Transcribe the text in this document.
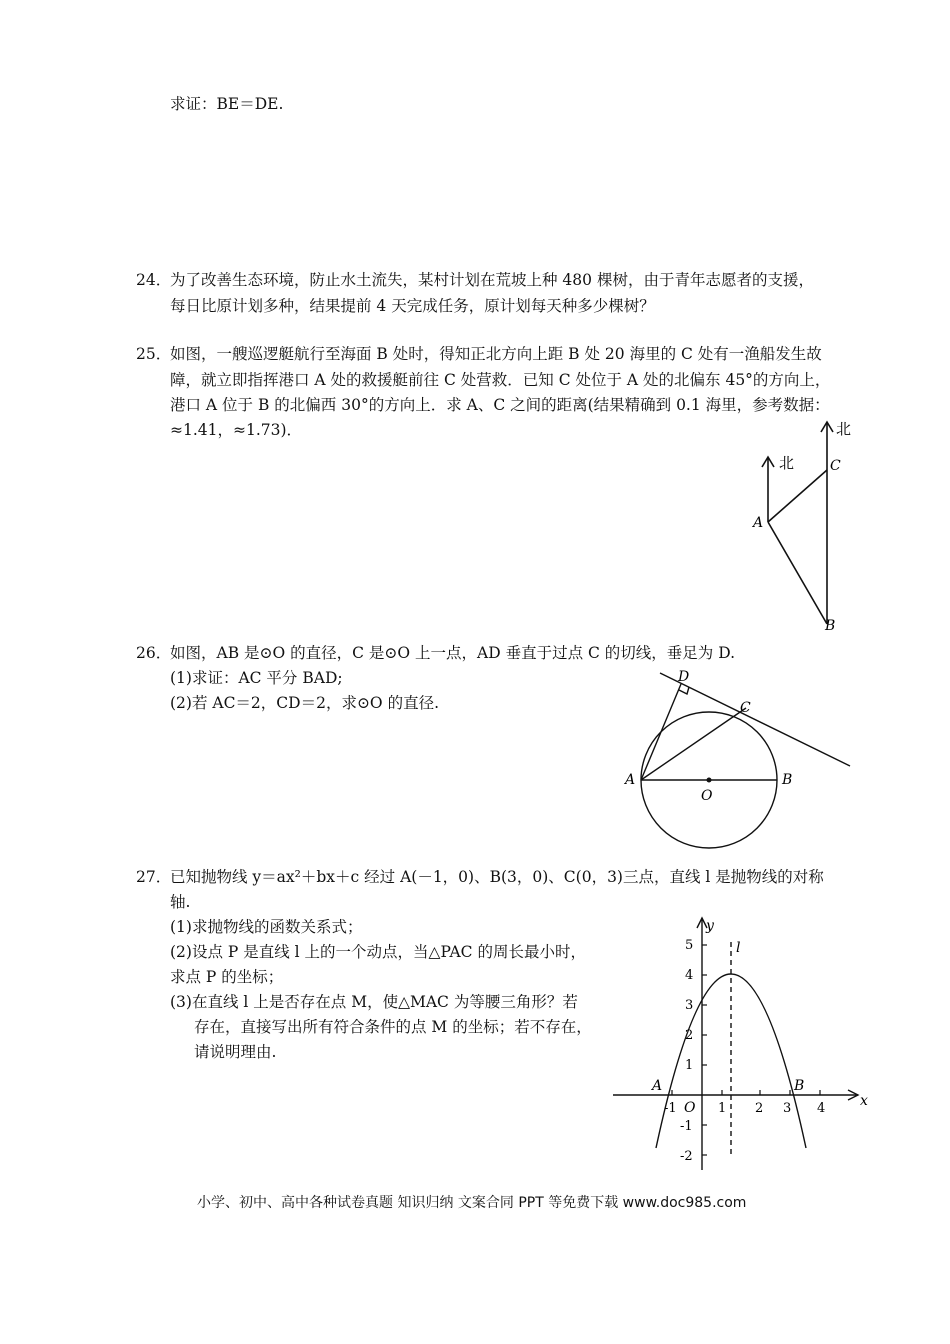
求证：BE＝DE.
24．
为了改善生态环境，防止水土流失，某村计划在荒坡上种 480 棵树，由于青年志愿者的支援，
每日比原计划多种，结果提前 4 天完成任务，原计划每天种多少棵树？
25．
如图，一艘巡逻艇航行至海面 B 处时，得知正北方向上距 B 处 20 海里的 C 处有一渔船发生故
障，就立即指挥港口 A 处的救援艇前往 C 处营救．已知 C 处位于 A 处的北偏东 45°的方向上，
港口 A 位于 B 的北偏西 30°的方向上．求 A、C 之间的距离(结果精确到 0.1 海里，参考数据：
≈1.41，≈1.73)．
北
北
A
C
B
26．
如图，AB 是⊙O 的直径，C 是⊙O 上一点，AD 垂直于过点 C 的切线，垂足为 D.
(1)求证：AC 平分 BAD;
(2)若 AC＝2，CD＝2，求⊙O 的直径.
A	B
C
D
O
27．
已知抛物线 y＝ax²＋bx＋c 经过 A(－1，0)、B(3，0)、C(0，3)三点，直线 l 是抛物线的对称
轴.
(1)求抛物线的函数关系式；
(2)设点 P 是直线 l 上的一个动点，当△PAC 的周长最小时，
求点 P 的坐标；
(3)在直线 l 上是否存在点 M，使△MAC 为等腰三角形？若
存在，直接写出所有符合条件的点 M 的坐标；若不存在，
请说明理由.
y
x
l
A	B
O
-1	1 2 3 4
5
4
3
2
1
-1
-2
小学、初中、高中各种试卷真题 知识归纳 文案合同 PPT 等免费下载 www.doc985.com
